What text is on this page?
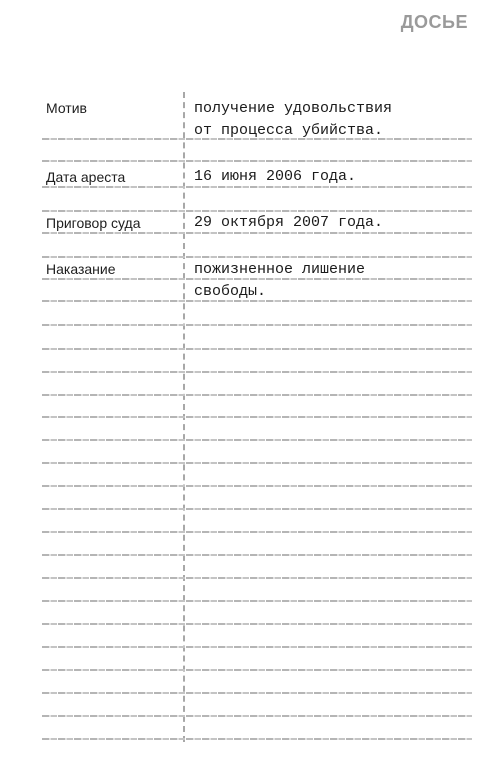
ДОСЬЕ
Мотив	получение удовольствия
от процесса убийства.
Дата ареста	16 июня 2006 года.
Приговор суда	29 октября 2007 года.
Наказание	пожизненное лишение
свободы.
